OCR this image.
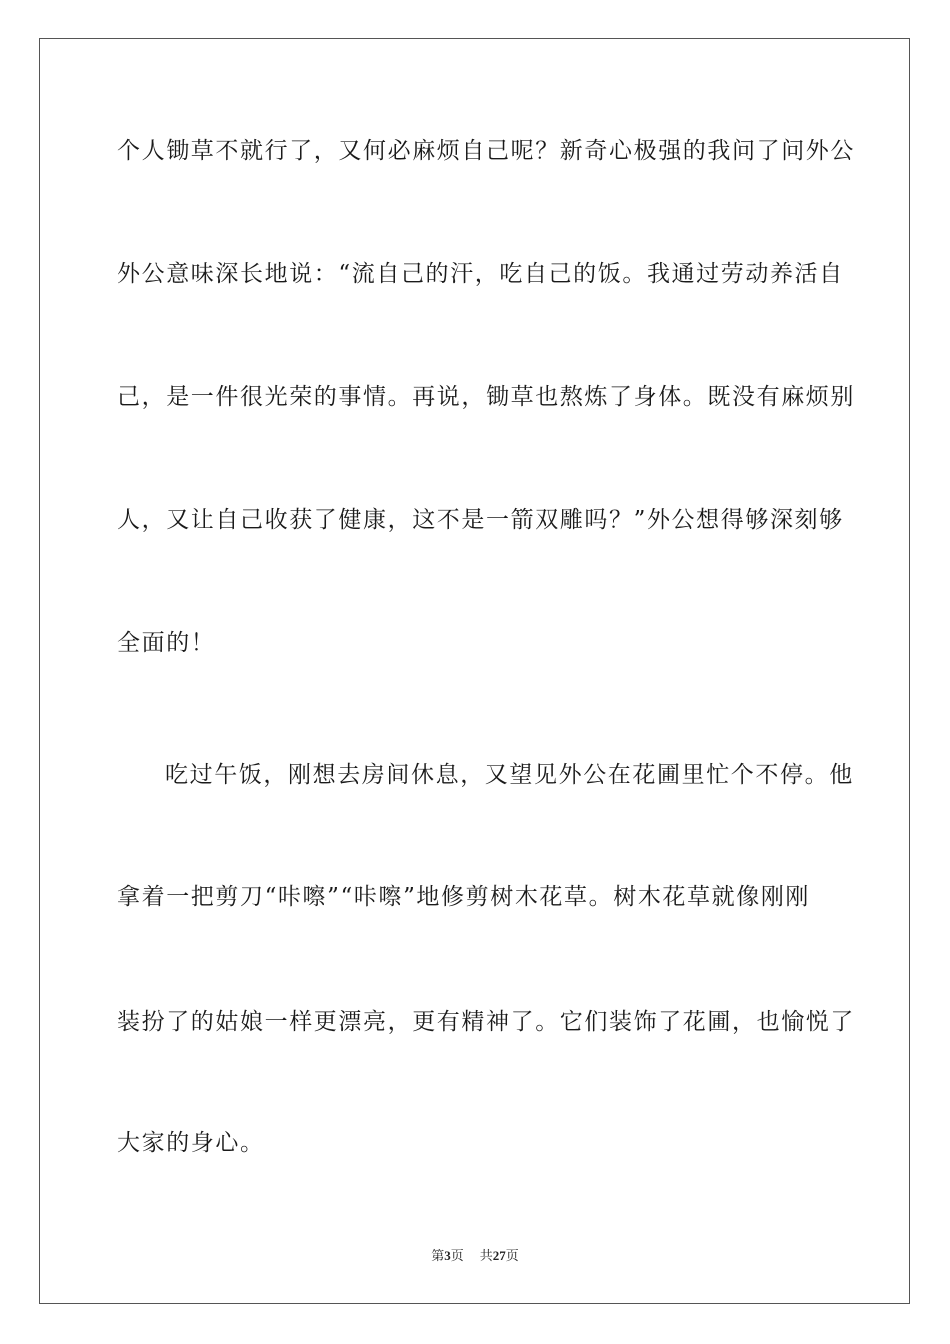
个人锄草不就行了，又何必麻烦自己呢？新奇心极强的我问了问外公
外公意味深长地说：“流自己的汗，吃自己的饭。我通过劳动养活自
己，是一件很光荣的事情。再说，锄草也熬炼了身体。既没有麻烦别
人，又让自己收获了健康，这不是一箭双雕吗？”外公想得够深刻够
全面的！
吃过午饭，刚想去房间休息，又望见外公在花圃里忙个不停。他
拿着一把剪刀“咔嚓”“咔嚓”地修剪树木花草。树木花草就像刚刚
装扮了的姑娘一样更漂亮，更有精神了。它们装饰了花圃，也愉悦了
大家的身心。
第3页 共27页
